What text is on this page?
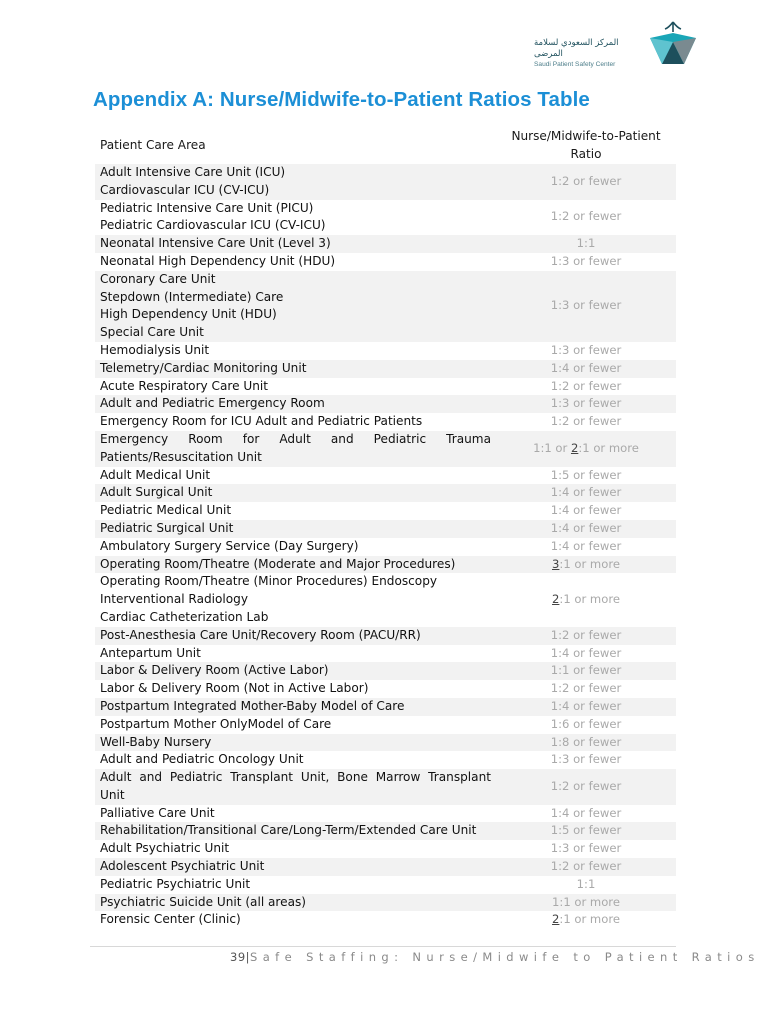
المركز السعودي لسلامة المرضى
Saudi Patient Safety Center
Appendix A: Nurse/Midwife-to-Patient Ratios Table
Patient Care Area	Nurse/Midwife-to-Patient Ratio

Adult Intensive Care Unit (ICU)
Cardiovascular ICU (CV-ICU)	1:2 or fewer

Pediatric Intensive Care Unit (PICU)
Pediatric Cardiovascular ICU (CV-ICU)	1:2 or fewer

Neonatal Intensive Care Unit (Level 3)	1:1

Neonatal High Dependency Unit (HDU)	1:3 or fewer

Coronary Care Unit
Stepdown (Intermediate) Care
High Dependency Unit (HDU)
Special Care Unit	1:3 or fewer

Hemodialysis Unit	1:3 or fewer

Telemetry/Cardiac Monitoring Unit	1:4 or fewer

Acute Respiratory Care Unit	1:2 or fewer

Adult and Pediatric Emergency Room	1:3 or fewer

Emergency Room for ICU Adult and Pediatric Patients	1:2 or fewer

Emergency Room for Adult and Pediatric Trauma Patients/Resuscitation Unit	1:1 or 2:1 or more

Adult Medical Unit	1:5 or fewer

Adult Surgical Unit	1:4 or fewer

Pediatric Medical Unit	1:4 or fewer

Pediatric Surgical Unit	1:4 or fewer

Ambulatory Surgery Service (Day Surgery)	1:4 or fewer

Operating Room/Theatre (Moderate and Major Procedures)	3:1 or more

Operating Room/Theatre (Minor Procedures) Endoscopy
Interventional Radiology
Cardiac Catheterization Lab	2:1 or more

Post-Anesthesia Care Unit/Recovery Room (PACU/RR)	1:2 or fewer

Antepartum Unit	1:4 or fewer

Labor & Delivery Room (Active Labor)	1:1 or fewer

Labor & Delivery Room (Not in Active Labor)	1:2 or fewer

Postpartum Integrated Mother-Baby Model of Care	1:4 or fewer

Postpartum Mother OnlyModel of Care	1:6 or fewer

Well-Baby Nursery	1:8 or fewer

Adult and Pediatric Oncology Unit	1:3 or fewer

Adult and Pediatric Transplant Unit, Bone Marrow Transplant Unit	1:2 or fewer

Palliative Care Unit	1:4 or fewer

Rehabilitation/Transitional Care/Long-Term/Extended Care Unit	1:5 or fewer

Adult Psychiatric Unit	1:3 or fewer

Adolescent Psychiatric Unit	1:2 or fewer

Pediatric Psychiatric Unit	1:1

Psychiatric Suicide Unit (all areas)	1:1 or more

Forensic Center (Clinic)	2:1 or more
39|Safe Staffing: Nurse/Midwife to Patient Ratios
